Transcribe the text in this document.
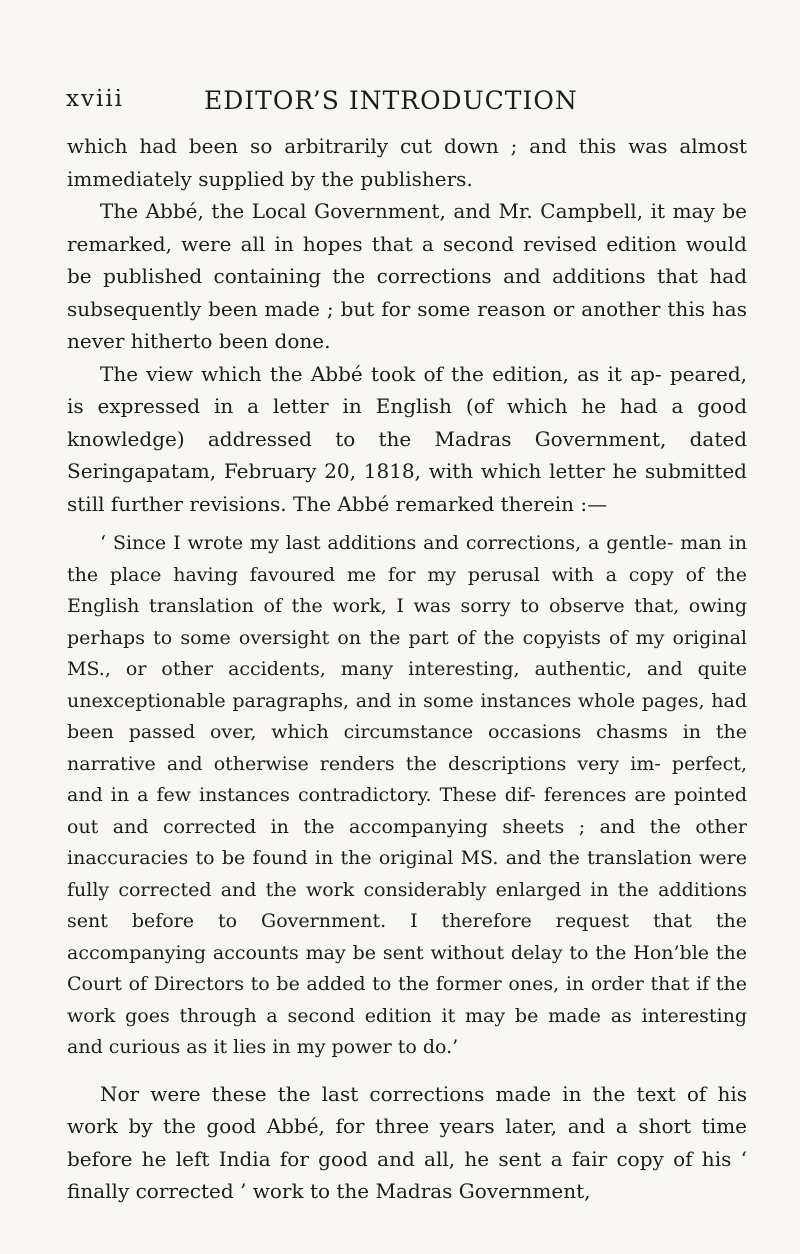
xviii	EDITOR’S INTRODUCTION

which had been so arbitrarily cut down ; and this was almost immediately supplied by the publishers.

The Abbé, the Local Government, and Mr. Campbell, it may be remarked, were all in hopes that a second revised edition would be published containing the corrections and additions that had subsequently been made ; but for some reason or another this has never hitherto been done.

The view which the Abbé took of the edition, as it ap- peared, is expressed in a letter in English (of which he had a good knowledge) addressed to the Madras Government, dated Seringapatam, February 20, 1818, with which letter he submitted still further revisions. The Abbé remarked therein :—

‘ Since I wrote my last additions and corrections, a gentle- man in the place having favoured me for my perusal with a copy of the English translation of the work, I was sorry to observe that, owing perhaps to some oversight on the part of the copyists of my original MS., or other accidents, many interesting, authentic, and quite unexceptionable paragraphs, and in some instances whole pages, had been passed over, which circumstance occasions chasms in the narrative and otherwise renders the descriptions very im- perfect, and in a few instances contradictory. These dif- ferences are pointed out and corrected in the accompanying sheets ; and the other inaccuracies to be found in the original MS. and the translation were fully corrected and the work considerably enlarged in the additions sent before to Government. I therefore request that the accompanying accounts may be sent without delay to the Hon’ble the Court of Directors to be added to the former ones, in order that if the work goes through a second edition it may be made as interesting and curious as it lies in my power to do.’

Nor were these the last corrections made in the text of his work by the good Abbé, for three years later, and a short time before he left India for good and all, he sent a fair copy of his ‘ finally corrected ’ work to the Madras Government,
